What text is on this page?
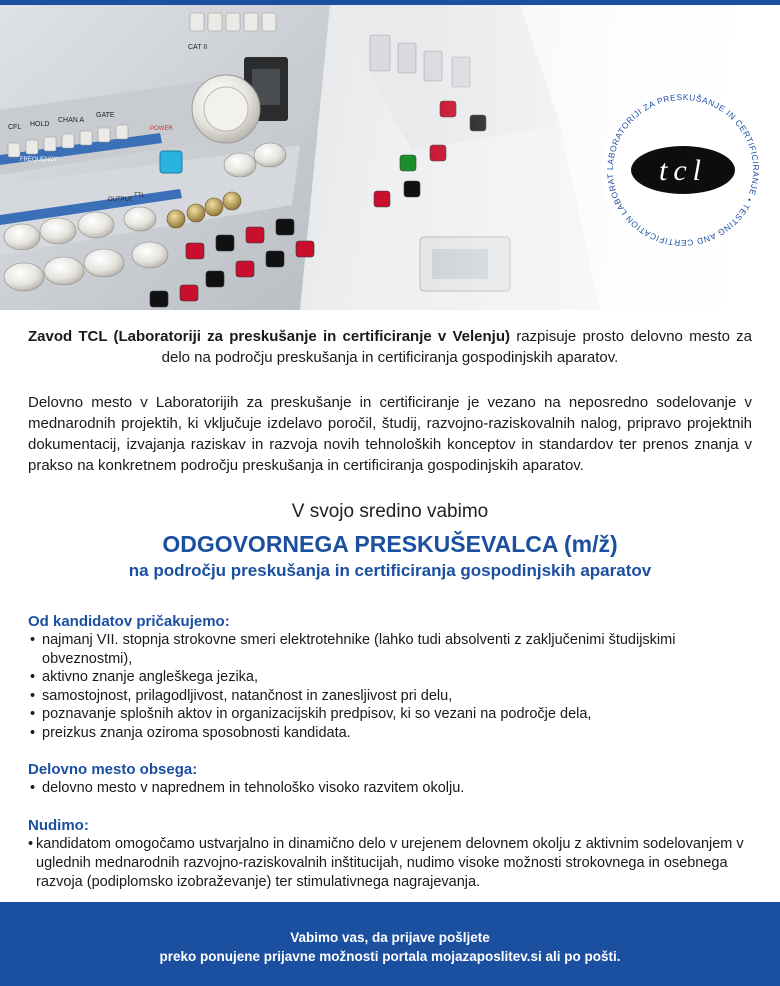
CFL HOLD
CHAN A
GATE
CAT II
FREQUENCY
POWER
OUTPUT
TTL
LABORATORIJI ZA PRESKUŠANJE IN CERTIFICIRANJE • TESTING AND CERTIFICATION LABORAT	tcl

Zavod TCL (Laboratoriji za preskušanje in certificiranje v Velenju) razpisuje prosto delovno mesto za delo na področju preskušanja in certificiranja gospodinjskih aparatov.

Delovno mesto v Laboratorijih za preskušanje in certificiranje je vezano na neposredno sodelovanje v mednarodnih projektih, ki vključuje izdelavo poročil, študij, razvojno-raziskovalnih nalog, pripravo projektnih dokumentacij, izvajanja raziskav in razvoja novih tehnoloških konceptov in standardov ter prenos znanja v prakso na konkretnem področju preskušanja in certificiranja gospodinjskih aparatov.

V svojo sredino vabimo
ODGOVORNEGA PRESKUŠEVALCA (m/ž)
na področju preskušanja in certificiranja gospodinjskih aparatov
Od kandidatov pričakujemo:
• najmanj VII. stopnja strokovne smeri elektrotehnike (lahko tudi absolventi z zaključenimi študijskimi obveznostmi),
• aktivno znanje angleškega jezika,
• samostojnost, prilagodljivost, natančnost in zanesljivost pri delu,
• poznavanje splošnih aktov in organizacijskih predpisov, ki so vezani na področje dela,
• preizkus znanja oziroma sposobnosti kandidata.
Delovno mesto obsega:
• delovno mesto v naprednem in tehnološko visoko razvitem okolju.
Nudimo:
• kandidatom omogočamo ustvarjalno in dinamično delo v urejenem delovnem okolju z aktivnim sodelovanjem v uglednih mednarodnih razvojno-raziskovalnih inštitucijah, nudimo visoke možnosti strokovnega in osebnega razvoja (podiplomsko izobraževanje) ter stimulativnega nagrajevanja.
Vabimo vas, da prijave pošljete
preko ponujene prijavne možnosti portala mojazaposlitev.si ali po pošti.
